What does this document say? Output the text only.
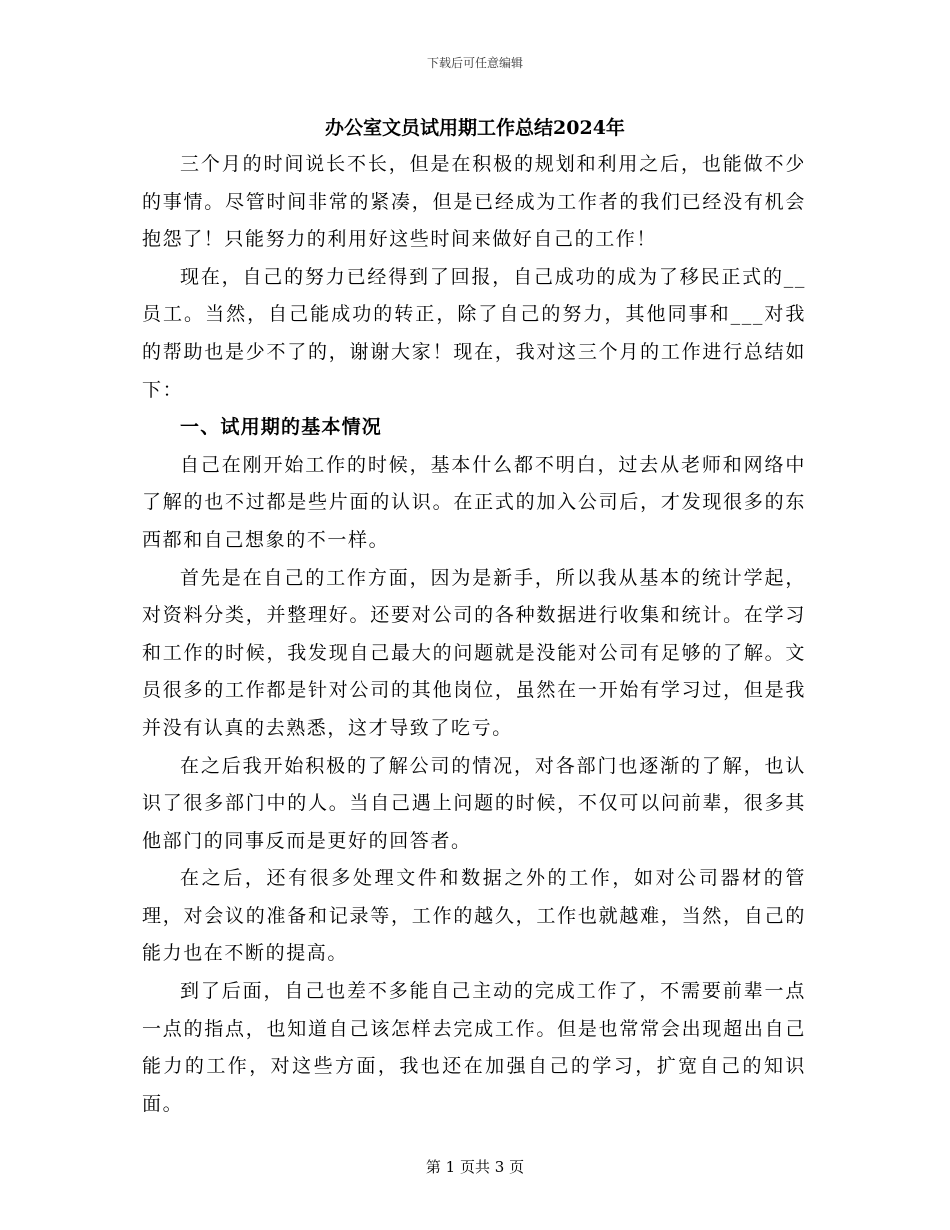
下载后可任意编辑
办公室文员试用期工作总结2024年

三个月的时间说长不长，但是在积极的规划和利用之后，也能做不少的事情。尽管时间非常的紧凑，但是已经成为工作者的我们已经没有机会抱怨了！只能努力的利用好这些时间来做好自己的工作！

现在，自己的努力已经得到了回报，自己成功的成为了移民正式的__员工。当然，自己能成功的转正，除了自己的努力，其他同事和___对我的帮助也是少不了的，谢谢大家！现在，我对这三个月的工作进行总结如下：

一、试用期的基本情况

自己在刚开始工作的时候，基本什么都不明白，过去从老师和网络中了解的也不过都是些片面的认识。在正式的加入公司后，才发现很多的东西都和自己想象的不一样。

首先是在自己的工作方面，因为是新手，所以我从基本的统计学起，对资料分类，并整理好。还要对公司的各种数据进行收集和统计。在学习和工作的时候，我发现自己最大的问题就是没能对公司有足够的了解。文员很多的工作都是针对公司的其他岗位，虽然在一开始有学习过，但是我并没有认真的去熟悉，这才导致了吃亏。

在之后我开始积极的了解公司的情况，对各部门也逐渐的了解，也认识了很多部门中的人。当自己遇上问题的时候，不仅可以问前辈，很多其他部门的同事反而是更好的回答者。

在之后，还有很多处理文件和数据之外的工作，如对公司器材的管理，对会议的准备和记录等，工作的越久，工作也就越难，当然，自己的能力也在不断的提高。

到了后面，自己也差不多能自己主动的完成工作了，不需要前辈一点一点的指点，也知道自己该怎样去完成工作。但是也常常会出现超出自己能力的工作，对这些方面，我也还在加强自己的学习，扩宽自己的知识面。

第 1 页共 3 页
